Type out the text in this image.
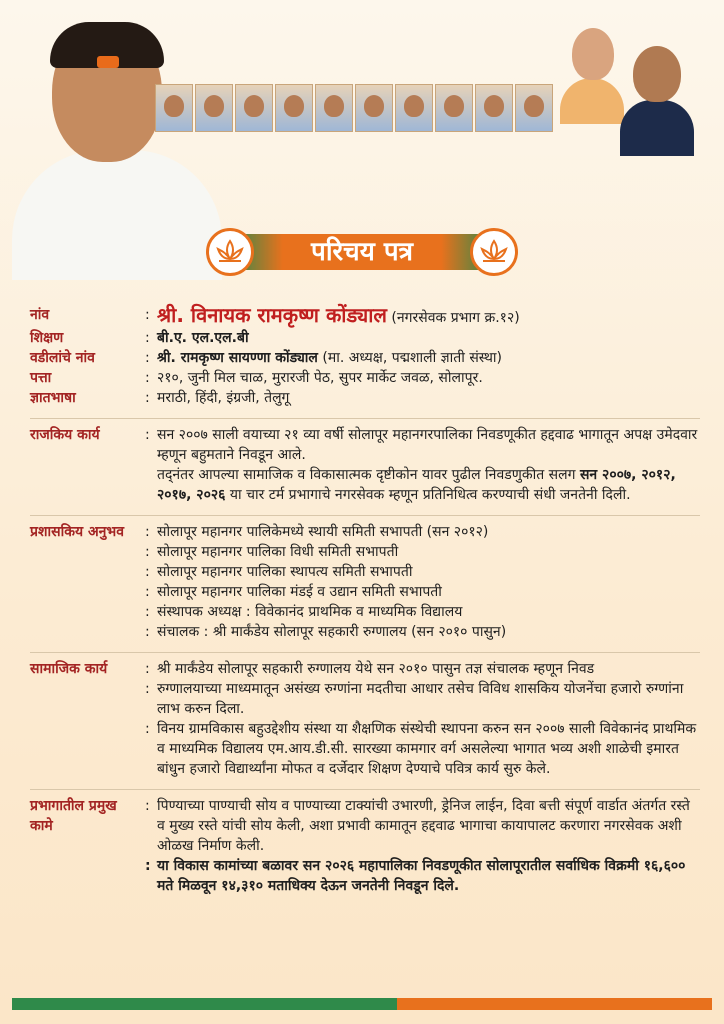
परिचय पत्र
नांव	: श्री. विनायक रामकृष्ण कोंड्याल (नगरसेवक प्रभाग क्र.१२)
शिक्षण	: बी.ए. एल.एल.बी
वडीलांचे नांव	: श्री. रामकृष्ण सायण्णा कोंड्याल (मा. अध्यक्ष, पद्मशाली ज्ञाती संस्था)
पत्ता	: २१०, जुनी मिल चाळ, मुरारजी पेठ, सुपर मार्केट जवळ, सोलापूर.
ज्ञातभाषा	: मराठी, हिंदी, इंग्रजी, तेलुगू
राजकिय कार्य	: सन २००७ साली वयाच्या २१ व्या वर्षी सोलापूर महानगरपालिका निवडणूकीत हद्दवाढ भागातून अपक्ष उमेदवार म्हणून बहुमताने निवडून आले.
तद्नंतर आपल्या सामाजिक व विकासात्मक दृष्टीकोन यावर पुढील निवडणुकीत सलग सन २००७, २०१२, २०१७, २०२६ या चार टर्म प्रभागाचे नगरसेवक म्हणून प्रतिनिधित्व करण्याची संधी जनतेनी दिली.
प्रशासकिय अनुभव	: सोलापूर महानगर पालिकेमध्ये स्थायी समिती सभापती (सन २०१२)
: सोलापूर महानगर पालिका विधी समिती सभापती
: सोलापूर महानगर पालिका स्थापत्य समिती सभापती
: सोलापूर महानगर पालिका मंडई व उद्यान समिती सभापती
: संस्थापक अध्यक्ष : विवेकानंद प्राथमिक व माध्यमिक विद्यालय
: संचालक : श्री मार्कंडेय सोलापूर सहकारी रुग्णालय (सन २०१० पासुन)
सामाजिक कार्य	: श्री मार्कंडेय सोलापूर सहकारी रुग्णालय येथे सन २०१० पासुन तज्ञ संचालक म्हणून निवड
: रुग्णालयाच्या माध्यमातून असंख्य रुग्णांना मदतीचा आधार तसेच विविध शासकिय योजनेंचा हजारो रुग्णांना लाभ करुन दिला.
: विनय ग्रामविकास बहुउद्देशीय संस्था या शैक्षणिक संस्थेची स्थापना करुन सन २००७ साली विवेकानंद प्राथमिक व माध्यमिक विद्यालय एम.आय.डी.सी. सारख्या कामगार वर्ग असलेल्या भागात भव्य अशी शाळेची इमारत बांधुन हजारो विद्यार्थ्यांना मोफत व दर्जेदार शिक्षण देण्याचे पवित्र कार्य सुरु केले.
प्रभागातील प्रमुख
कामे
: पिण्याच्या पाण्याची सोय व पाण्याच्या टाक्यांची उभारणी, ड्रेनिज लाईन, दिवा बत्ती संपूर्ण वार्डात अंतर्गत रस्ते व मुख्य रस्ते यांची सोय केली, अशा प्रभावी कामातून हद्दवाढ भागाचा कायापालट करणारा नगरसेवक अशी ओळख निर्माण केली.
: या विकास कामांच्या बळावर सन २०२६ महापालिका निवडणूकीत सोलापूरातील सर्वाधिक विक्रमी १६,६०० मते मिळवून १४,३१० मताधिक्य देऊन जनतेनी निवडून दिले.
